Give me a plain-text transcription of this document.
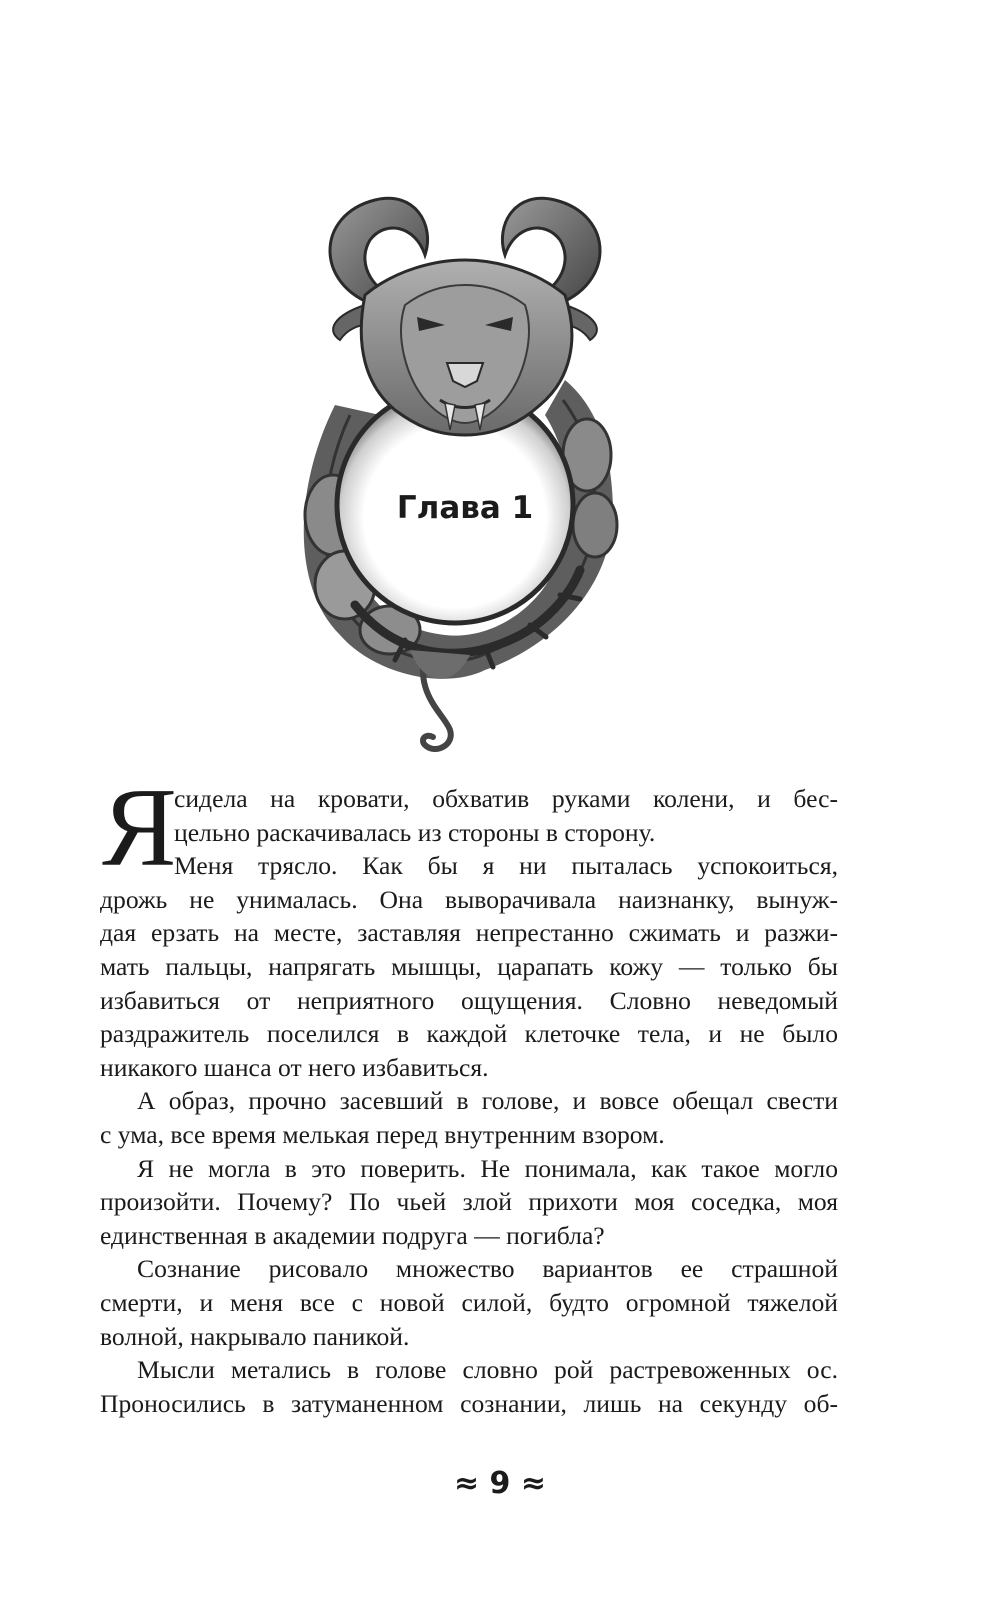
Глава 1
Я
сидела на кровати, обхватив руками колени, и бес-
цельно раскачивалась из стороны в сторону.
Меня трясло. Как бы я ни пыталась успокоиться,
дрожь не унималась. Она выворачивала наизнанку, вынуж-
дая ерзать на месте, заставляя непрестанно сжимать и разжи-
мать пальцы, напрягать мышцы, царапать кожу — только бы
избавиться от неприятного ощущения. Словно неведомый
раздражитель поселился в каждой клеточке тела, и не было
никакого шанса от него избавиться.
А образ, прочно засевший в голове, и вовсе обещал свести
с ума, все время мелькая перед внутренним взором.
Я не могла в это поверить. Не понимала, как такое могло
произойти. Почему? По чьей злой прихоти моя соседка, моя
единственная в академии подруга — погибла?
Сознание рисовало множество вариантов ее страшной
смерти, и меня все с новой силой, будто огромной тяжелой
волной, накрывало паникой.
Мысли метались в голове словно рой растревоженных ос.
Проносились в затуманенном сознании, лишь на секунду об-
≈ 9 ≈
